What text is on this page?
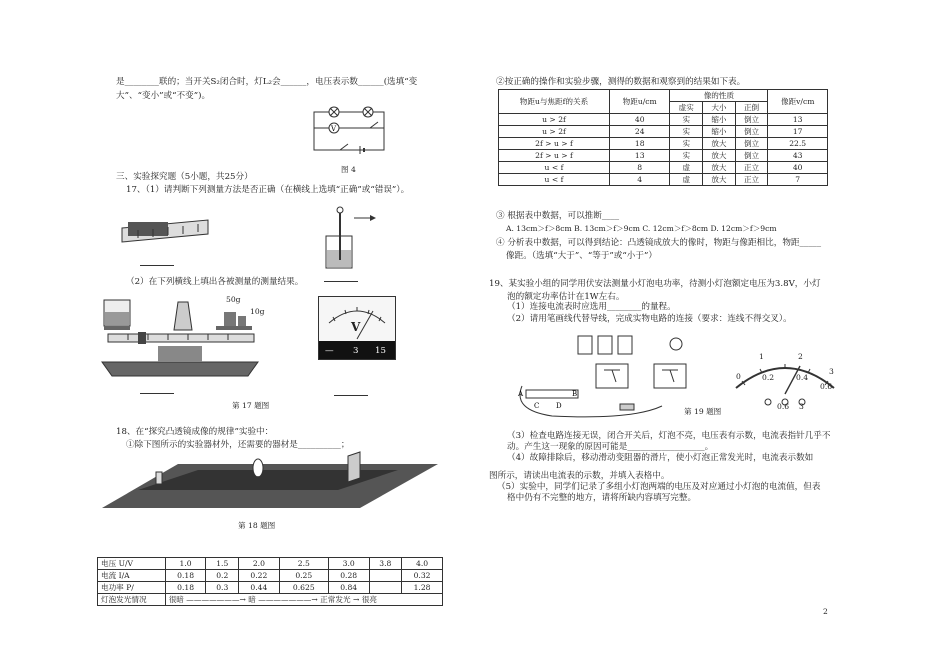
是________联的；当开关S₂闭合时，灯L₂会______，电压表示数______(选填“变
大”、“变小”或“不变”)。
V
图 4
三、实验探究题（5小题，共25分）
17、（1）请判断下列测量方法是否正确（在横线上选填“正确”或“错误”）。
（2）在下列横线上填出各被测量的测量结果。
50g
10g
V
— 3 15
第 17 题图
18、在“探究凸透镜成像的规律”实验中：
①除下图所示的实验器材外，还需要的器材是__________；
第 18 题图
电压 U/V	1.0	1.5	2.0	2.5	3.0	3.8	4.0
电流 I/A	0.18	0.2	0.22	0.25	0.28		0.32
电功率 P/	0.18	0.3	0.44	0.625	0.84		1.28
灯泡发光情况	很暗 ———————→ 暗 ———————→ 正常发光 → 很亮						
②按正确的操作和实验步骤，测得的数据和观察到的结果如下表。
物距u与焦距f的关系	物距u/cm	像的性质			像距v/cm
		虚实	大小	正倒	
u > 2f	40	实	缩小	倒立	13
u > 2f	24	实	缩小	倒立	17
2f > u > f	18	实	放大	倒立	22.5
2f > u > f	13	实	放大	倒立	43
u < f	8	虚	放大	正立	40
u < f	4	虚	放大	正立	7
③ 根据表中数据，可以推断____
A. 13cm＞f＞8cm B. 13cm＞f＞9cm C. 12cm＞f＞8cm D. 12cm＞f＞9cm
④ 分析表中数据，可以得到结论：凸透镜成放大的像时，物距与像距相比，物距_____
像距。（选填“大于”、“等于”或“小于”）
19、某实验小组的同学用伏安法测量小灯泡电功率，待测小灯泡额定电压为3.8V，小灯
泡的额定功率估计在1W左右。
（1）连接电流表时应选用________的量程。
（2）请用笔画线代替导线，完成实物电路的连接（要求：连线不得交叉）。
A
C D
B
0
1	2
3
0.2	0.4
0.6
0.6 3
第 19 题图
（3）检查电路连接无误，闭合开关后，灯泡不亮，电压表有示数，电流表指针几乎不
动。产生这一现象的原因可能是__________________。
（4）故障排除后，移动滑动变阻器的滑片，使小灯泡正常发光时，电流表示数如
图所示，请读出电流表的示数，并填入表格中。
（5）实验中，同学们记录了多组小灯泡两端的电压及对应通过小灯泡的电流值，但表
格中仍有不完整的地方，请将所缺内容填写完整。
2
